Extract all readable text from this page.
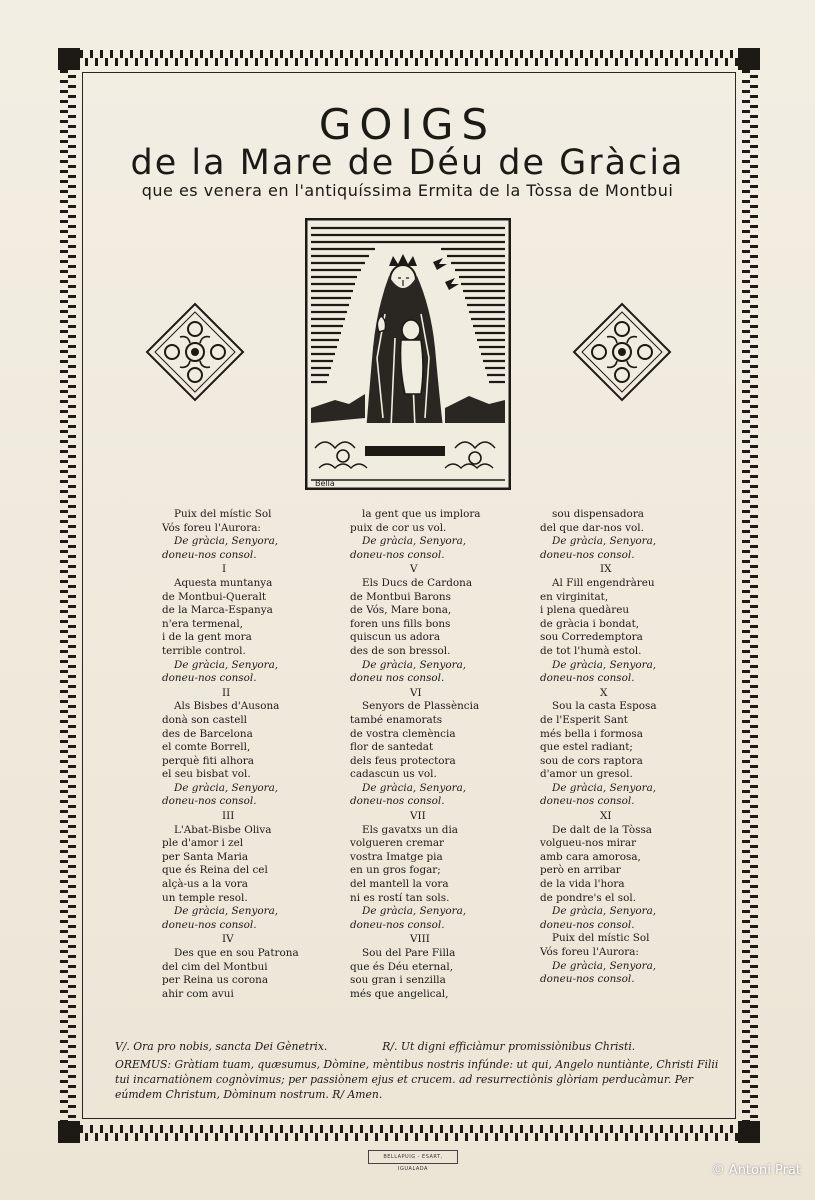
GOIGS
de la Mare de Déu de Gràcia
que es venera en l'antiquíssima Ermita de la Tòssa de Montbui
Bella

Puix del místic Sol

Vós foreu l'Aurora:

De gràcia, Senyora,

doneu-nos consol.

I

Aquesta muntanya

de Montbui-Queralt

de la Marca-Espanya

n'era termenal,

i de la gent mora

terrible control.

De gràcia, Senyora,

doneu-nos consol.

II

Als Bisbes d'Ausona

donà son castell

des de Barcelona

el comte Borrell,

perquè fiti alhora

el seu bisbat vol.

De gràcia, Senyora,

doneu-nos consol.

III

L'Abat-Bisbe Oliva

ple d'amor i zel

per Santa Maria

que és Reina del cel

alçà-us a la vora

un temple resol.

De gràcia, Senyora,

doneu-nos consol.

IV

Des que en sou Patrona

del cim del Montbui

per Reina us corona

ahir com avui

la gent que us implora

puix de cor us vol.

De gràcia, Senyora,

doneu-nos consol.

V

Els Ducs de Cardona

de Montbui Barons

de Vós, Mare bona,

foren uns fills bons

quiscun us adora

des de son bressol.

De gràcia, Senyora,

doneu nos consol.

VI

Senyors de Plassència

també enamorats

de vostra clemència

flor de santedat

dels feus protectora

cadascun us vol.

De gràcia, Senyora,

doneu-nos consol.

VII

Els gavatxs un dia

volgueren cremar

vostra Imatge pia

en un gros fogar;

del mantell la vora

ni es rostí tan sols.

De gràcia, Senyora,

doneu-nos consol.

VIII

Sou del Pare Filla

que és Déu eternal,

sou gran i senzilla

més que angelical,

sou dispensadora

del que dar-nos vol.

De gràcia, Senyora,

doneu-nos consol.

IX

Al Fill engendràreu

en virginitat,

i plena quedàreu

de gràcia i bondat,

sou Corredemptora

de tot l'humà estol.

De gràcia, Senyora,

doneu-nos consol.

X

Sou la casta Esposa

de l'Esperit Sant

més bella i formosa

que estel radiant;

sou de cors raptora

d'amor un gresol.

De gràcia, Senyora,

doneu-nos consol.

XI

De dalt de la Tòssa

volgueu-nos mirar

amb cara amorosa,

però en arribar

de la vida l'hora

de pondre's el sol.

De gràcia, Senyora,

doneu-nos consol.

Puix del místic Sol

Vós foreu l'Aurora:

De gràcia, Senyora,

doneu-nos consol.

V/. Ora pro nobis, sancta Dei Gènetrix.	R/. Ut digni efficiàmur promissiònibus Christi.
OREMUS: Gràtiam tuam, quæsumus, Dòmine, mèntibus nostris infúnde: ut qui, Angelo nuntiànte, Christi Filii tui incarnatiònem cognòvimus; per passiònem ejus et crucem. ad resurrectiònis glòriam perducàmur. Per eúmdem Christum, Dòminum nostrum. R/ Amen.
BELLAPUIG - ESART, IGUALADA	© Antoni Prat
